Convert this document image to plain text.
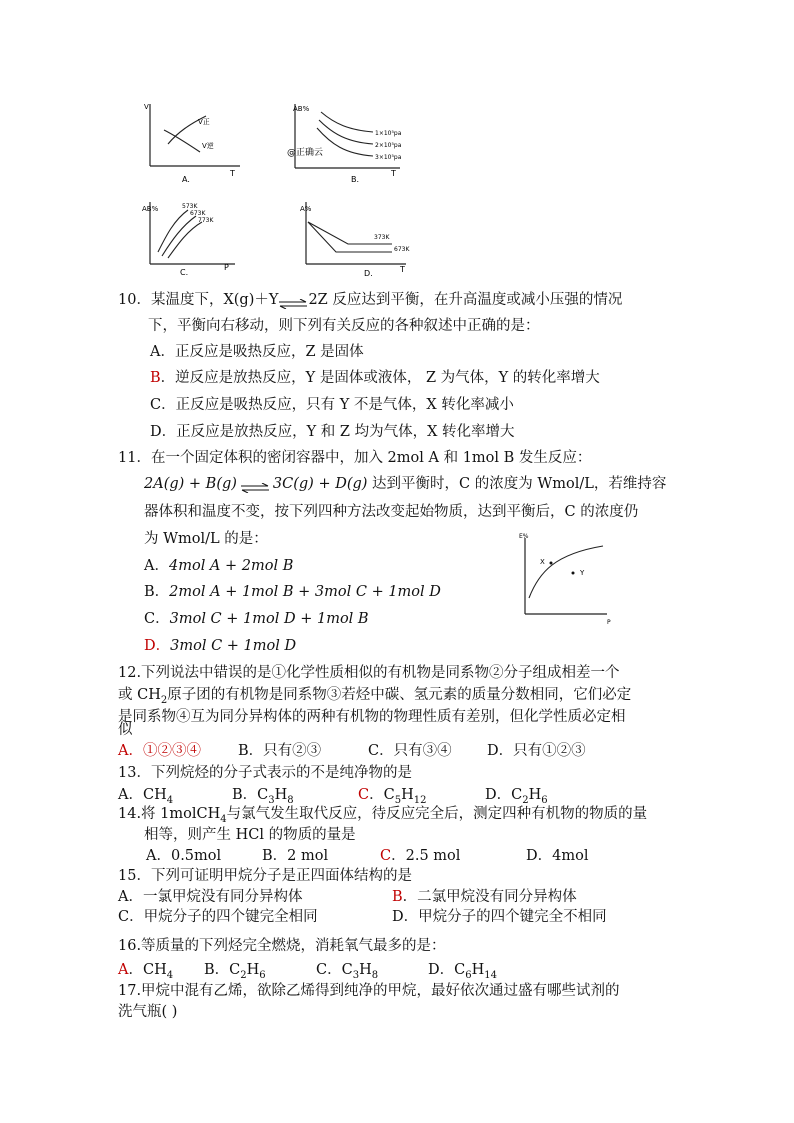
V
V正
V逆
T
A.
AB%
1×10⁵pa
2×10⁵pa
3×10⁵pa
@正确云
T
B.
AB%	573K
673K
773K
P
C.
A%
373K
673K
T
D.
10．某温度下，X(g)＋Y⇌2Z 反应达到平衡，在升高温度或减小压强的情况
下，平衡向右移动，则下列有关反应的各种叙述中正确的是：
A．正反应是吸热反应，Z 是固体
B．逆反应是放热反应，Y 是固体或液体， Z 为气体，Y 的转化率增大
C．正反应是吸热反应，只有 Y 不是气体，X 转化率减小
D．正反应是放热反应，Y 和 Z 均为气体，X 转化率增大
11．在一个固定体积的密闭容器中，加入 2mol A 和 1mol B 发生反应：
2A(g) + B(g) ⇌ 3C(g) + D(g) 达到平衡时，C 的浓度为 Wmol/L，若维持容
器体积和温度不变，按下列四种方法改变起始物质，达到平衡后，C 的浓度仍
为 Wmol/L 的是：
A．4mol A + 2mol B
B．2mol A + 1mol B + 3mol C + 1mol D
C．3mol C + 1mol D + 1mol B
D．3mol C + 1mol D
E%
X
Y
P
12.下列说法中错误的是①化学性质相似的有机物是同系物②分子组成相差一个
或 $CH_2$原子团的有机物是同系物③若烃中碳、氢元素的质量分数相同，它们必定
是同系物④互为同分异构体的两种有机物的物理性质有差别，但化学性质必定相
似
A．①②③④	B．只有②③	C．只有③④ D．只有①②③
13．下列烷烃的分子式表示的不是纯净物的是
A．$CH_4$	B．$C_3H_8$	C．$C_5H_{12}$	D．$C_2H_6$
14.将 1molCH$_4$与氯气发生取代反应，待反应完全后，测定四种有机物的物质的量
相等，则产生 HCl 的物质的量是
A．0.5mol	B．2 mol	C．2.5 mol	D．4mol
15．下列可证明甲烷分子是正四面体结构的是
A．一氯甲烷没有同分异构体	B．二氯甲烷没有同分异构体
C．甲烷分子的四个键完全相同	D．甲烷分子的四个键完全不相同
16.等质量的下列烃完全燃烧，消耗氧气最多的是：
A．$CH_4$ B．$C_2H_6$	C．$C_3H_8$	D．$C_6H_{14}$
17.甲烷中混有乙烯，欲除乙烯得到纯净的甲烷，最好依次通过盛有哪些试剂的
洗气瓶( )
